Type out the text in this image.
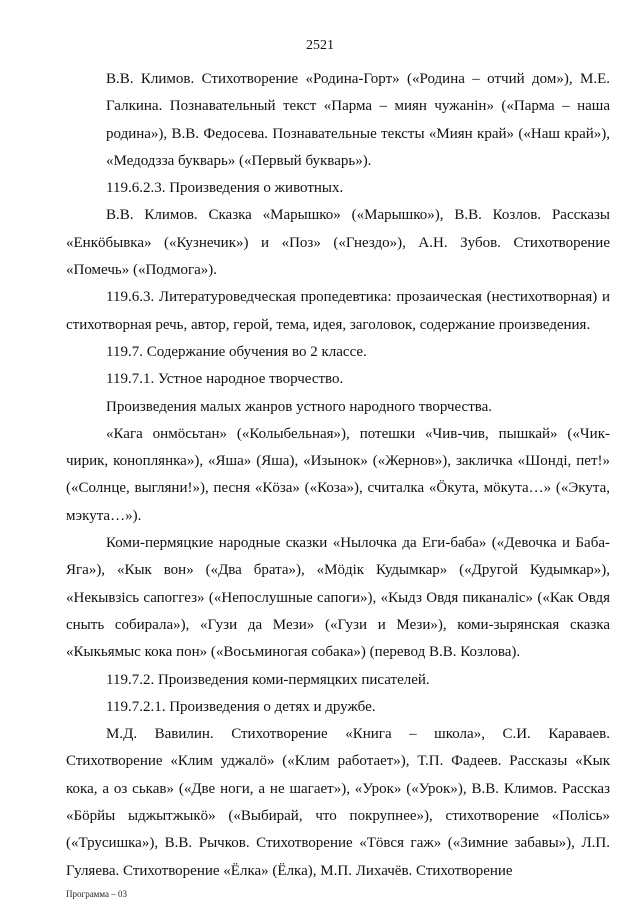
2521

В.В. Климов. Стихотворение «Родина-Горт» («Родина – отчий дом»), М.Е. Галкина. Познавательный текст «Парма – миян чужанiн» («Парма – наша родина»), В.В. Федосева. Познавательные тексты «Миян край» («Наш край»), «Медодзза букварь» («Первый букварь»).

119.6.2.3. Произведения о животных.

В.В. Климов. Сказка «Марышко» («Марышко»), В.В. Козлов. Рассказы «Енкöбывка» («Кузнечик») и «Поз» («Гнездо»), А.Н. Зубов. Стихотворение «Помечь» («Подмога»).

119.6.3. Литературоведческая пропедевтика: прозаическая (нестихотворная) и стихотворная речь, автор, герой, тема, идея, заголовок, содержание произведения.

119.7. Содержание обучения во 2 классе.

119.7.1. Устное народное творчество.

Произведения малых жанров устного народного творчества.

«Кага онмöсьтан» («Колыбельная»), потешки «Чив-чив, пышкай» («Чик-чирик, коноплянка»), «Яша» (Яша), «Изынок» («Жернов»), закличка «Шондi, пет!» («Солнце, выгляни!»), песня «Кöза» («Коза»), считалка «Öкута, мöкута…» («Экута, мэкута…»).

Коми-пермяцкие народные сказки «Нылочка да Еги-баба» («Девочка и Баба-Яга»), «Кык вон» («Два брата»), «Мöдiк Кудымкар» («Другой Кудымкар»), «Некывзiсь сапоггез» («Непослушные сапоги»), «Кыдз Овдя пиканалiс» («Как Овдя сныть собирала»), «Гузи да Мези» («Гузи и Мези»), коми-зырянская сказка «Кыкьямыс кока пон» («Восьминогая собака») (перевод В.В. Козлова).

119.7.2. Произведения коми-пермяцких писателей.

119.7.2.1. Произведения о детях и дружбе.

М.Д. Вавилин. Стихотворение «Книга – школа», С.И. Караваев. Стихотворение «Клим уджалö» («Клим работает»), Т.П. Фадеев. Рассказы «Кык кока, а оз ськав» («Две ноги, а не шагает»), «Урок» («Урок»), В.В. Климов. Рассказ «Бöрйы ыджытжыкö» («Выбирай, что покрупнее»), стихотворение «Полiсь» («Трусишка»), В.В. Рычков. Стихотворение «Тöвся гаж» («Зимние забавы»), Л.П. Гуляева. Стихотворение «Ёлка» (Ёлка), М.П. Лихачёв. Стихотворение

Программа – 03
